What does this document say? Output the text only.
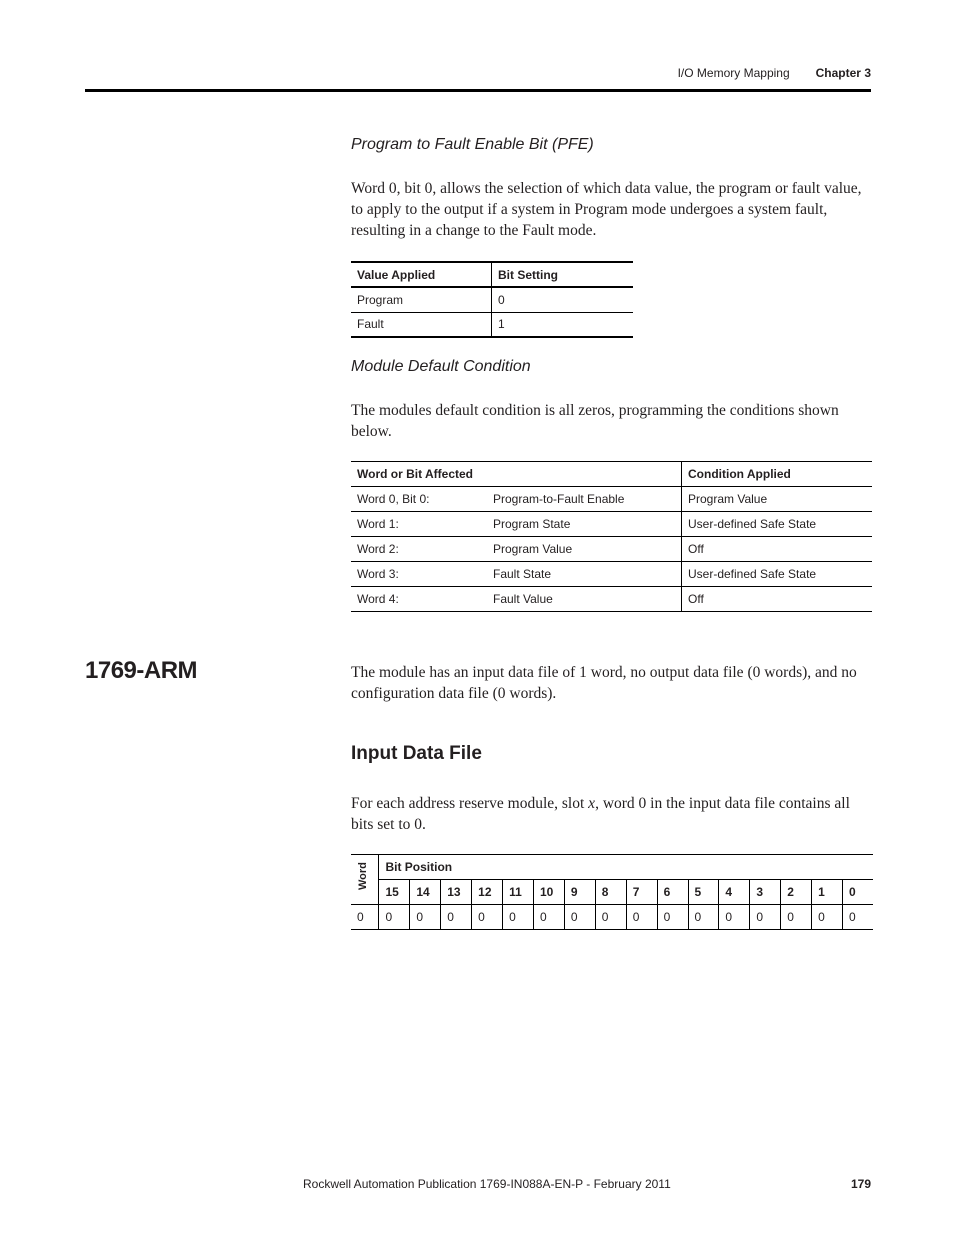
I/O Memory Mapping Chapter 3
Program to Fault Enable Bit (PFE)
Word 0, bit 0, allows the selection of which data value, the program or fault value, to apply to the output if a system in Program mode undergoes a system fault, resulting in a change to the Fault mode.
Value Applied	Bit Setting
Program	0
Fault	1
Module Default Condition
The modules default condition is all zeros, programming the conditions shown below.
Word or Bit Affected		Condition Applied
Word 0, Bit 0:	Program-to-Fault Enable	Program Value
Word 1:	Program State	User-defined Safe State
Word 2:	Program Value	Off
Word 3:	Fault State	User-defined Safe State
Word 4:	Fault Value	Off
1769-ARM	The module has an input data file of 1 word, no output data file (0 words), and no configuration data file (0 words).
Input Data File
For each address reserve module, slot x, word 0 in the input data file contains all bits set to 0.
Word	Bit Position															
	15	14	13	12	11	10	9	8	7	6	5	4	3	2	1	0
0	0	0	0	0	0	0	0	0	0	0	0	0	0	0	0	0
Rockwell Automation Publication 1769-IN088A-EN-P - February 2011	179
